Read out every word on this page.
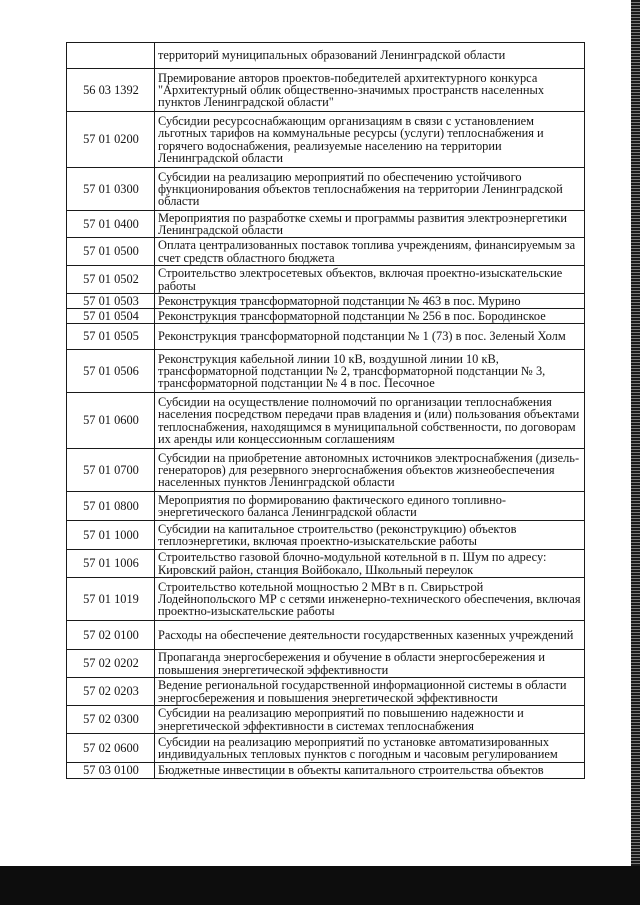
	территорий муниципальных образований Ленинградской области
56 03 1392	Премирование авторов проектов-победителей архитектурного конкурса "Архитектурный облик общественно-значимых пространств населенных пунктов Ленинградской области"
57 01 0200	Субсидии ресурсоснабжающим организациям в связи с установлением льготных тарифов на коммунальные ресурсы (услуги) теплоснабжения и горячего водоснабжения, реализуемые населению на территории Ленинградской области
57 01 0300	Субсидии на реализацию мероприятий по обеспечению устойчивого функционирования объектов теплоснабжения на территории Ленинградской области
57 01 0400	Мероприятия по разработке схемы и программы развития электроэнергетики Ленинградской области
57 01 0500	Оплата централизованных поставок топлива учреждениям, финансируемым за счет средств областного бюджета
57 01 0502	Строительство электросетевых объектов, включая проектно-изыскательские работы
57 01 0503	Реконструкция трансформаторной подстанции № 463 в пос. Мурино
57 01 0504	Реконструкция трансформаторной подстанции № 256 в пос. Бородинское
57 01 0505	Реконструкция трансформаторной подстанции № 1 (73) в пос. Зеленый Холм
57 01 0506	Реконструкция кабельной линии 10 кВ, воздушной линии 10 кВ, трансформаторной подстанции № 2, трансформаторной подстанции № 3, трансформаторной подстанции № 4 в пос. Песочное
57 01 0600	Субсидии на осуществление полномочий по организации теплоснабжения населения посредством передачи прав владения и (или) пользования объектами теплоснабжения, находящимся в муниципальной собственности, по договорам их аренды или концессионным соглашениям
57 01 0700	Субсидии на приобретение автономных источников электроснабжения (дизель-генераторов) для резервного энергоснабжения объектов жизнеобеспечения населенных пунктов Ленинградской области
57 01 0800	Мероприятия по формированию фактического единого топливно-энергетического баланса Ленинградской области
57 01 1000	Субсидии на капитальное строительство (реконструкцию) объектов теплоэнергетики, включая проектно-изыскательские работы
57 01 1006	Строительство газовой блочно-модульной котельной в п. Шум по адресу: Кировский район, станция Войбокало, Школьный переулок
57 01 1019	Строительство котельной мощностью 2 МВт в п. Свирьстрой Лодейнопольского МР с сетями инженерно-технического обеспечения, включая проектно-изыскательские работы
57 02 0100	Расходы на обеспечение деятельности государственных казенных учреждений
57 02 0202	Пропаганда энергосбережения и обучение в области энергосбережения и повышения энергетической эффективности
57 02 0203	Ведение региональной государственной информационной системы в области энергосбережения и повышения энергетической эффективности
57 02 0300	Субсидии на реализацию мероприятий по повышению надежности и энергетической эффективности в системах теплоснабжения
57 02 0600	Субсидии на реализацию мероприятий по установке автоматизированных индивидуальных тепловых пунктов с погодным и часовым регулированием
57 03 0100	Бюджетные инвестиции в объекты капитального строительства объектов
